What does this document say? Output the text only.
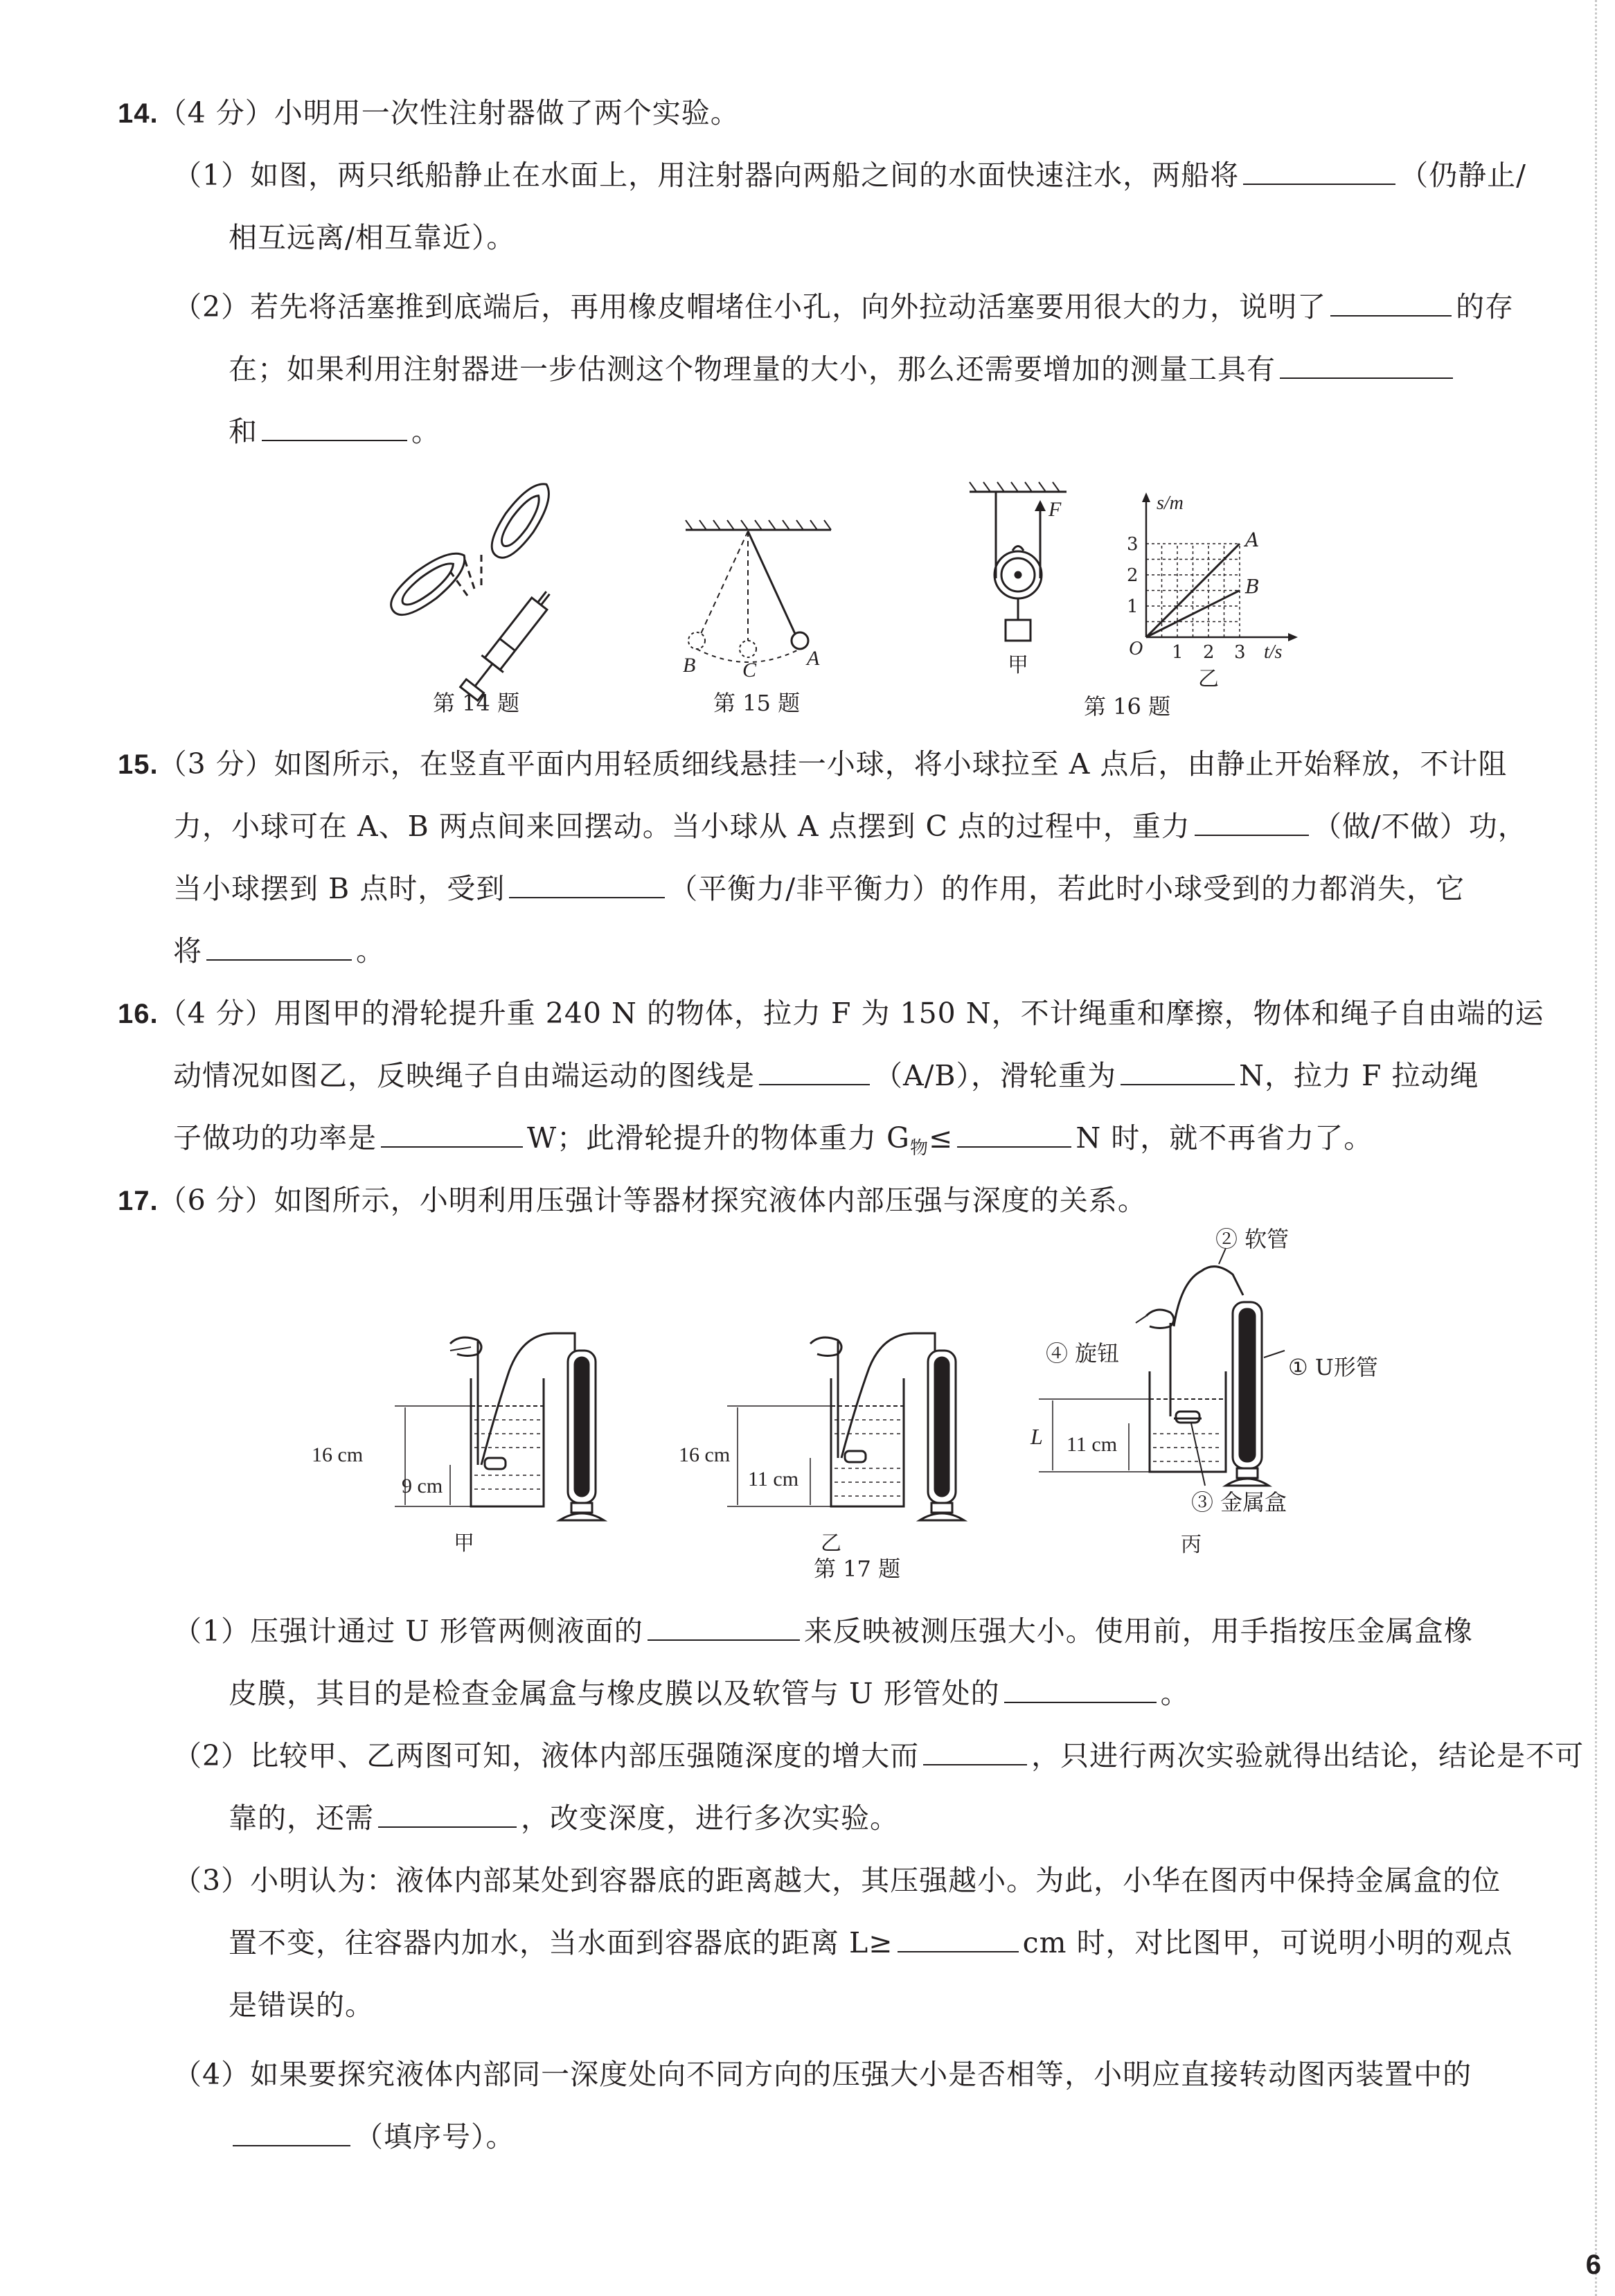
14.（4 分）小明用一次性注射器做了两个实验。
（1）如图，两只纸船静止在水面上，用注射器向两船之间的水面快速注水，两船将	（仍静止/
相互远离/相互靠近）。
（2）若先将活塞推到底端后，再用橡皮帽堵住小孔，向外拉动活塞要用很大的力，说明了	的存
在；如果利用注射器进一步估测这个物理量的大小，那么还需要增加的测量工具有
和	。
第 14 题
B C
A
第 15 题
F
甲
A
B
1 2 3
1
2
3
s/m
t/s
O
乙
第 16 题
15.（3 分）如图所示，在竖直平面内用轻质细线悬挂一小球，将小球拉至 A 点后，由静止开始释放，不计阻
力，小球可在 A、B 两点间来回摆动。当小球从 A 点摆到 C 点的过程中，重力	（做/不做）功，
当小球摆到 B 点时，受到	（平衡力/非平衡力）的作用，若此时小球受到的力都消失，它
将	。
16.（4 分）用图甲的滑轮提升重 240 N 的物体，拉力 F 为 150 N，不计绳重和摩擦，物体和绳子自由端的运
动情况如图乙，反映绳子自由端运动的图线是	（A/B），滑轮重为	N，拉力 F 拉动绳
子做功的功率是	W；此滑轮提升的物体重力 $G_物\le$	N 时，就不再省力了。
17.（6 分）如图所示，小明利用压强计等器材探究液体内部压强与深度的关系。
16 cm
9 cm
甲
16 cm
11 cm
乙
② 软管
④ 旋钮
① U形管
③ 金属盒
L 11 cm
丙
第 17 题
（1）压强计通过 U 形管两侧液面的	来反映被测压强大小。使用前，用手指按压金属盒橡
皮膜，其目的是检查金属盒与橡皮膜以及软管与 U 形管处的	。
（2）比较甲、乙两图可知，液体内部压强随深度的增大而	，只进行两次实验就得出结论，结论是不可
靠的，还需	，改变深度，进行多次实验。
（3）小明认为：液体内部某处到容器底的距离越大，其压强越小。为此，小华在图丙中保持金属盒的位
置不变，往容器内加水，当水面到容器底的距离 L≥	cm 时，对比图甲，可说明小明的观点
是错误的。
（4）如果要探究液体内部同一深度处向不同方向的压强大小是否相等，小明应直接转动图丙装置中的
（填序号）。
6
